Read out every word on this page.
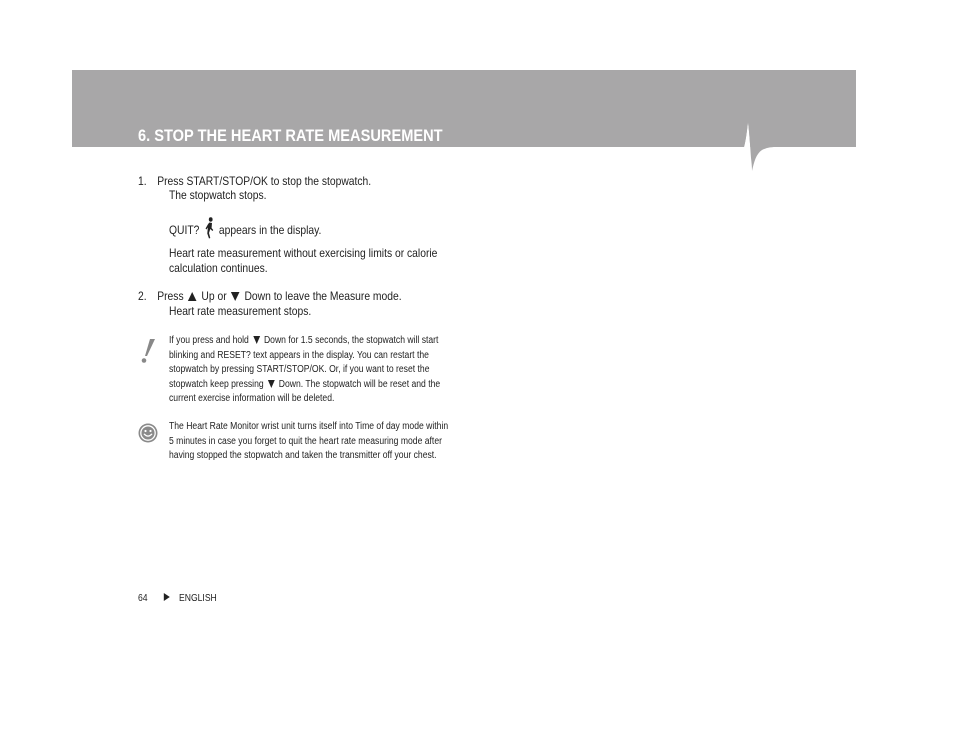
6. STOP THE HEART RATE MEASUREMENT
1. Press START/STOP/OK to stop the stopwatch.
The stopwatch stops.
QUIT? appears in the display.
Heart rate measurement without exercising limits or calorie
calculation continues.
2. Press Up or Down to leave the Measure mode.
Heart rate measurement stops.
If you press and hold Down for 1.5 seconds, the stopwatch will start
blinking and RESET? text appears in the display. You can restart the
stopwatch by pressing START/STOP/OK. Or, if you want to reset the
stopwatch keep pressing Down. The stopwatch will be reset and the
current exercise information will be deleted.
The Heart Rate Monitor wrist unit turns itself into Time of day mode within
5 minutes in case you forget to quit the heart rate measuring mode after
having stopped the stopwatch and taken the transmitter off your chest.
64	ENGLISH
